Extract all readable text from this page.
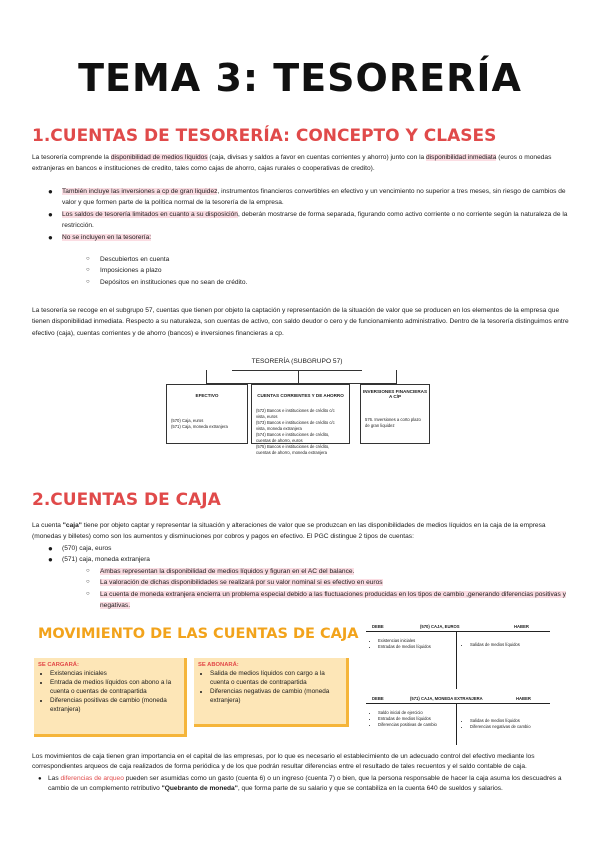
TEMA 3: TESORERÍA
1.CUENTAS DE TESORERÍA: CONCEPTO Y CLASES
La tesorería comprende la disponibilidad de medios líquidos (caja, divisas y saldos a favor en cuentas corrientes y ahorro) junto con la disponibilidad inmediata (euros o monedas extranjeras en bancos e instituciones de credito, tales como cajas de ahorro, cajas rurales o cooperativas de credito).
● También incluye las inversiones a cp de gran liquidez, instrumentos financieros convertibles en efectivo y un vencimiento no superior a tres meses, sin riesgo de cambios de valor y que formen parte de la política normal de la tesorería de la empresa.
● Los saldos de tesorería limitados en cuanto a su disposición, deberán mostrarse de forma separada, figurando como activo corriente o no corriente según la naturaleza de la restricción.
● No se incluyen en la tesorería:
○ Descubiertos en cuenta
○ Imposiciones a plazo
○ Depósitos en instituciones que no sean de crédito.
La tesorería se recoge en el subgrupo 57, cuentas que tienen por objeto la captación y representación de la situación de valor que se producen en los elementos de la empresa que tienen disponibilidad inmediata. Respecto a su naturaleza, son cuentas de activo, con saldo deudor o cero y de funcionamiento administrativo. Dentro de la tesorería distinguimos entre efectivo (caja), cuentas corrientes y de ahorro (bancos) e inversiones financieras a cp.
TESORERÍA (SUBGRUPO 57)
EFECTIVO
(570) Caja, euros
(571) Caja, moneda extranjera
CUENTAS CORRIENTES Y DE AHORRO
(572) Bancos e instituciones de crédito c/c vista, euros
(573) Bancos e instituciones de crédito c/c vista, moneda extranjera
(574) Bancos e instituciones de crédito, cuentas de ahorro, euros
(575) Bancos e instituciones de crédito, cuentas de ahorro, moneda extranjera
INVERSIONES FINANCIERAS A C/P
576. Inversiones a corto plazo de gran liquidez
2.CUENTAS DE CAJA
La cuenta "caja" tiene por objeto captar y representar la situación y alteraciones de valor que se produzcan en las disponibilidades de medios líquidos en la caja de la empresa (monedas y billetes) como son los aumentos y disminuciones por cobros y pagos en efectivo. El PGC distingue 2 tipos de cuentas:
● (570) caja, euros
● (571) caja, moneda extranjera
○ Ambas representan la disponibilidad de medios líquidos y figuran en el AC del balance.
○ La valoración de dichas disponibilidades se realizará por su valor nominal si es efectivo en euros
○ La cuenta de moneda extranjera encierra un problema especial debido a las fluctuaciones producidas en los tipos de cambio ,generando diferencias positivas y negativas.
MOVIMIENTO DE LAS CUENTAS DE CAJA
SE CARGARÁ:
• Existencias iniciales
• Entrada de medios líquidos con abono a la cuenta o cuentas de contrapartida
• Diferencias positivas de cambio (moneda extranjera)
SE ABONARÁ:
• Salida de medios líquidos con cargo a la cuenta o cuentas de contrapartida
• Diferencias negativas de cambio (moneda extranjera)
DEBE	(570) CAJA, EUROS	HABER
• Existencias iniciales
• Entradas de medios líquidos
•	Salidas de medios líquidos
DEBE	(571) CAJA, MONEDA EXTRANJERA	HABER
• Saldo inicial de ejercicio
• Entradas de medios líquidos
• Diferencias positivas de cambio
• Salidas de medios líquidos
• Diferencias negativas de cambio
Los movimientos de caja tienen gran importancia en el capital de las empresas, por lo que es necesario el establecimiento de un adecuado control del efectivo mediante los correspondientes arqueos de caja realizados de forma periódica y de los que podrán resultar diferencias entre el resultado de tales recuentos y el saldo contable de caja.
● Las diferencias de arqueo pueden ser asumidas como un gasto (cuenta 6) o un ingreso (cuenta 7) o bien, que la persona responsable de hacer la caja asuma los descuadres a cambio de un complemento retributivo "Quebranto de moneda", que forma parte de su salario y que se contabiliza en la cuenta 640 de sueldos y salarios.
